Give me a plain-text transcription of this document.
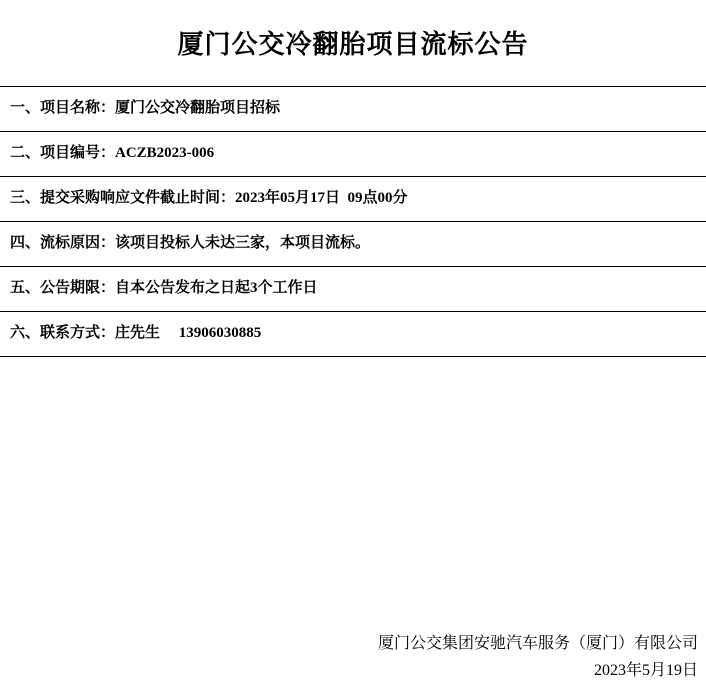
厦门公交冷翻胎项目流标公告
一、项目名称：厦门公交冷翻胎项目招标
二、项目编号：ACZB2023-006
三、提交采购响应文件截止时间：2023年05月17日  09点00分
四、流标原因：该项目投标人未达三家，本项目流标。
五、公告期限：自本公告发布之日起3个工作日
六、联系方式：庄先生     13906030885
厦门公交集团安驰汽车服务（厦门）有限公司
2023年5月19日
